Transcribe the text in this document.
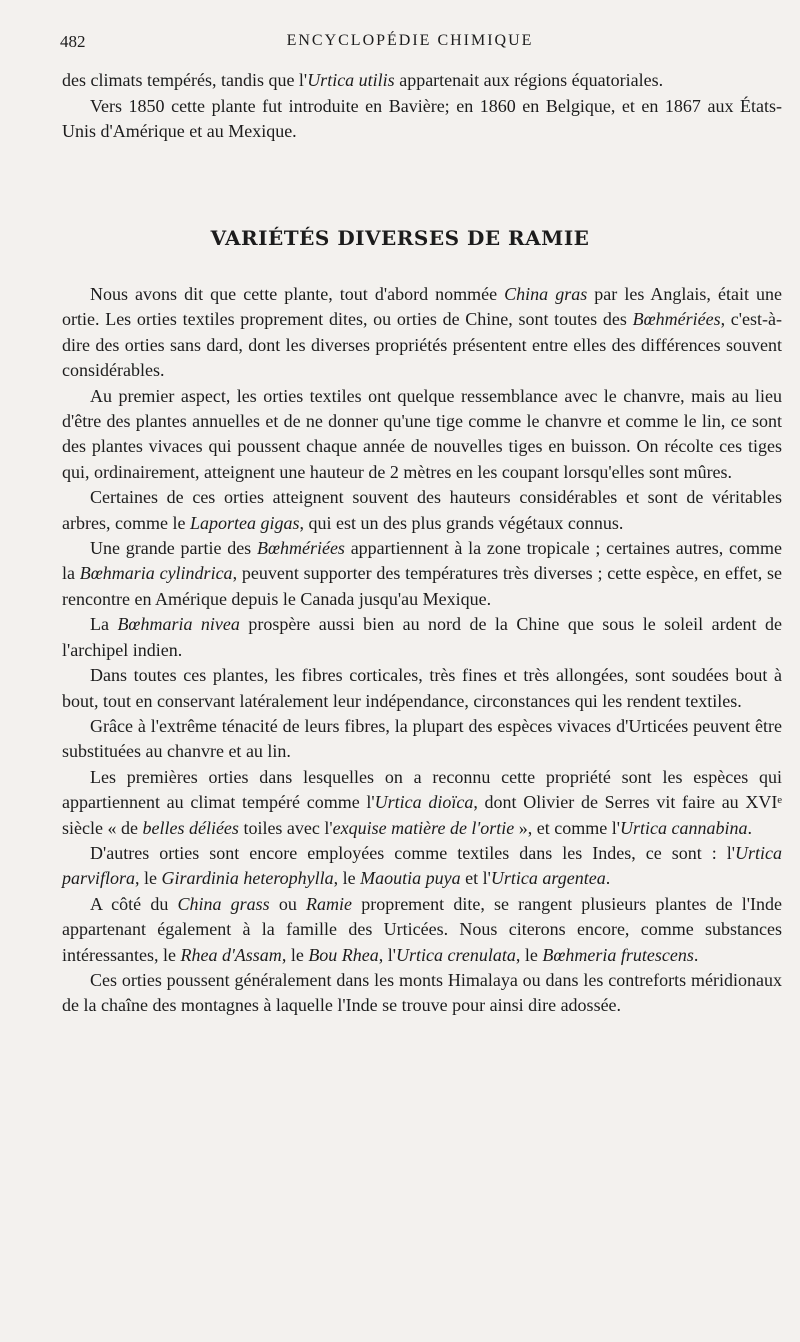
482	ENCYCLOPÉDIE CHIMIQUE

des climats tempérés, tandis que l'Urtica utilis appartenait aux régions équatoriales.

Vers 1850 cette plante fut introduite en Bavière; en 1860 en Belgique, et en 1867 aux États-Unis d'Amérique et au Mexique.

VARIÉTÉS DIVERSES DE RAMIE

Nous avons dit que cette plante, tout d'abord nommée China gras par les Anglais, était une ortie. Les orties textiles proprement dites, ou orties de Chine, sont toutes des Bœhmériées, c'est-à-dire des orties sans dard, dont les diverses propriétés présentent entre elles des différences souvent considérables.

Au premier aspect, les orties textiles ont quelque ressemblance avec le chanvre, mais au lieu d'être des plantes annuelles et de ne donner qu'une tige comme le chanvre et comme le lin, ce sont des plantes vivaces qui poussent chaque année de nouvelles tiges en buisson. On récolte ces tiges qui, ordinairement, atteignent une hauteur de 2 mètres en les coupant lorsqu'elles sont mûres.

Certaines de ces orties atteignent souvent des hauteurs considérables et sont de véritables arbres, comme le Laportea gigas, qui est un des plus grands végétaux connus.

Une grande partie des Bœhmériées appartiennent à la zone tropicale ; certaines autres, comme la Bœhmaria cylindrica, peuvent supporter des températures très diverses ; cette espèce, en effet, se rencontre en Amérique depuis le Canada jusqu'au Mexique.

La Bœhmaria nivea prospère aussi bien au nord de la Chine que sous le soleil ardent de l'archipel indien.

Dans toutes ces plantes, les fibres corticales, très fines et très allongées, sont soudées bout à bout, tout en conservant latéralement leur indépendance, circonstances qui les rendent textiles.

Grâce à l'extrême ténacité de leurs fibres, la plupart des espèces vivaces d'Urticées peuvent être substituées au chanvre et au lin.

Les premières orties dans lesquelles on a reconnu cette propriété sont les espèces qui appartiennent au climat tempéré comme l'Urtica dioïca, dont Olivier de Serres vit faire au XVIᵉ siècle « de belles déliées toiles avec l'exquise matière de l'ortie », et comme l'Urtica cannabina.

D'autres orties sont encore employées comme textiles dans les Indes, ce sont : l'Urtica parviflora, le Girardinia heterophylla, le Maoutia puya et l'Urtica argentea.

A côté du China grass ou Ramie proprement dite, se rangent plusieurs plantes de l'Inde appartenant également à la famille des Urticées. Nous citerons encore, comme substances intéressantes, le Rhea d'Assam, le Bou Rhea, l'Urtica crenulata, le Bœhmeria frutescens.

Ces orties poussent généralement dans les monts Himalaya ou dans les contreforts méridionaux de la chaîne des montagnes à laquelle l'Inde se trouve pour ainsi dire adossée.
